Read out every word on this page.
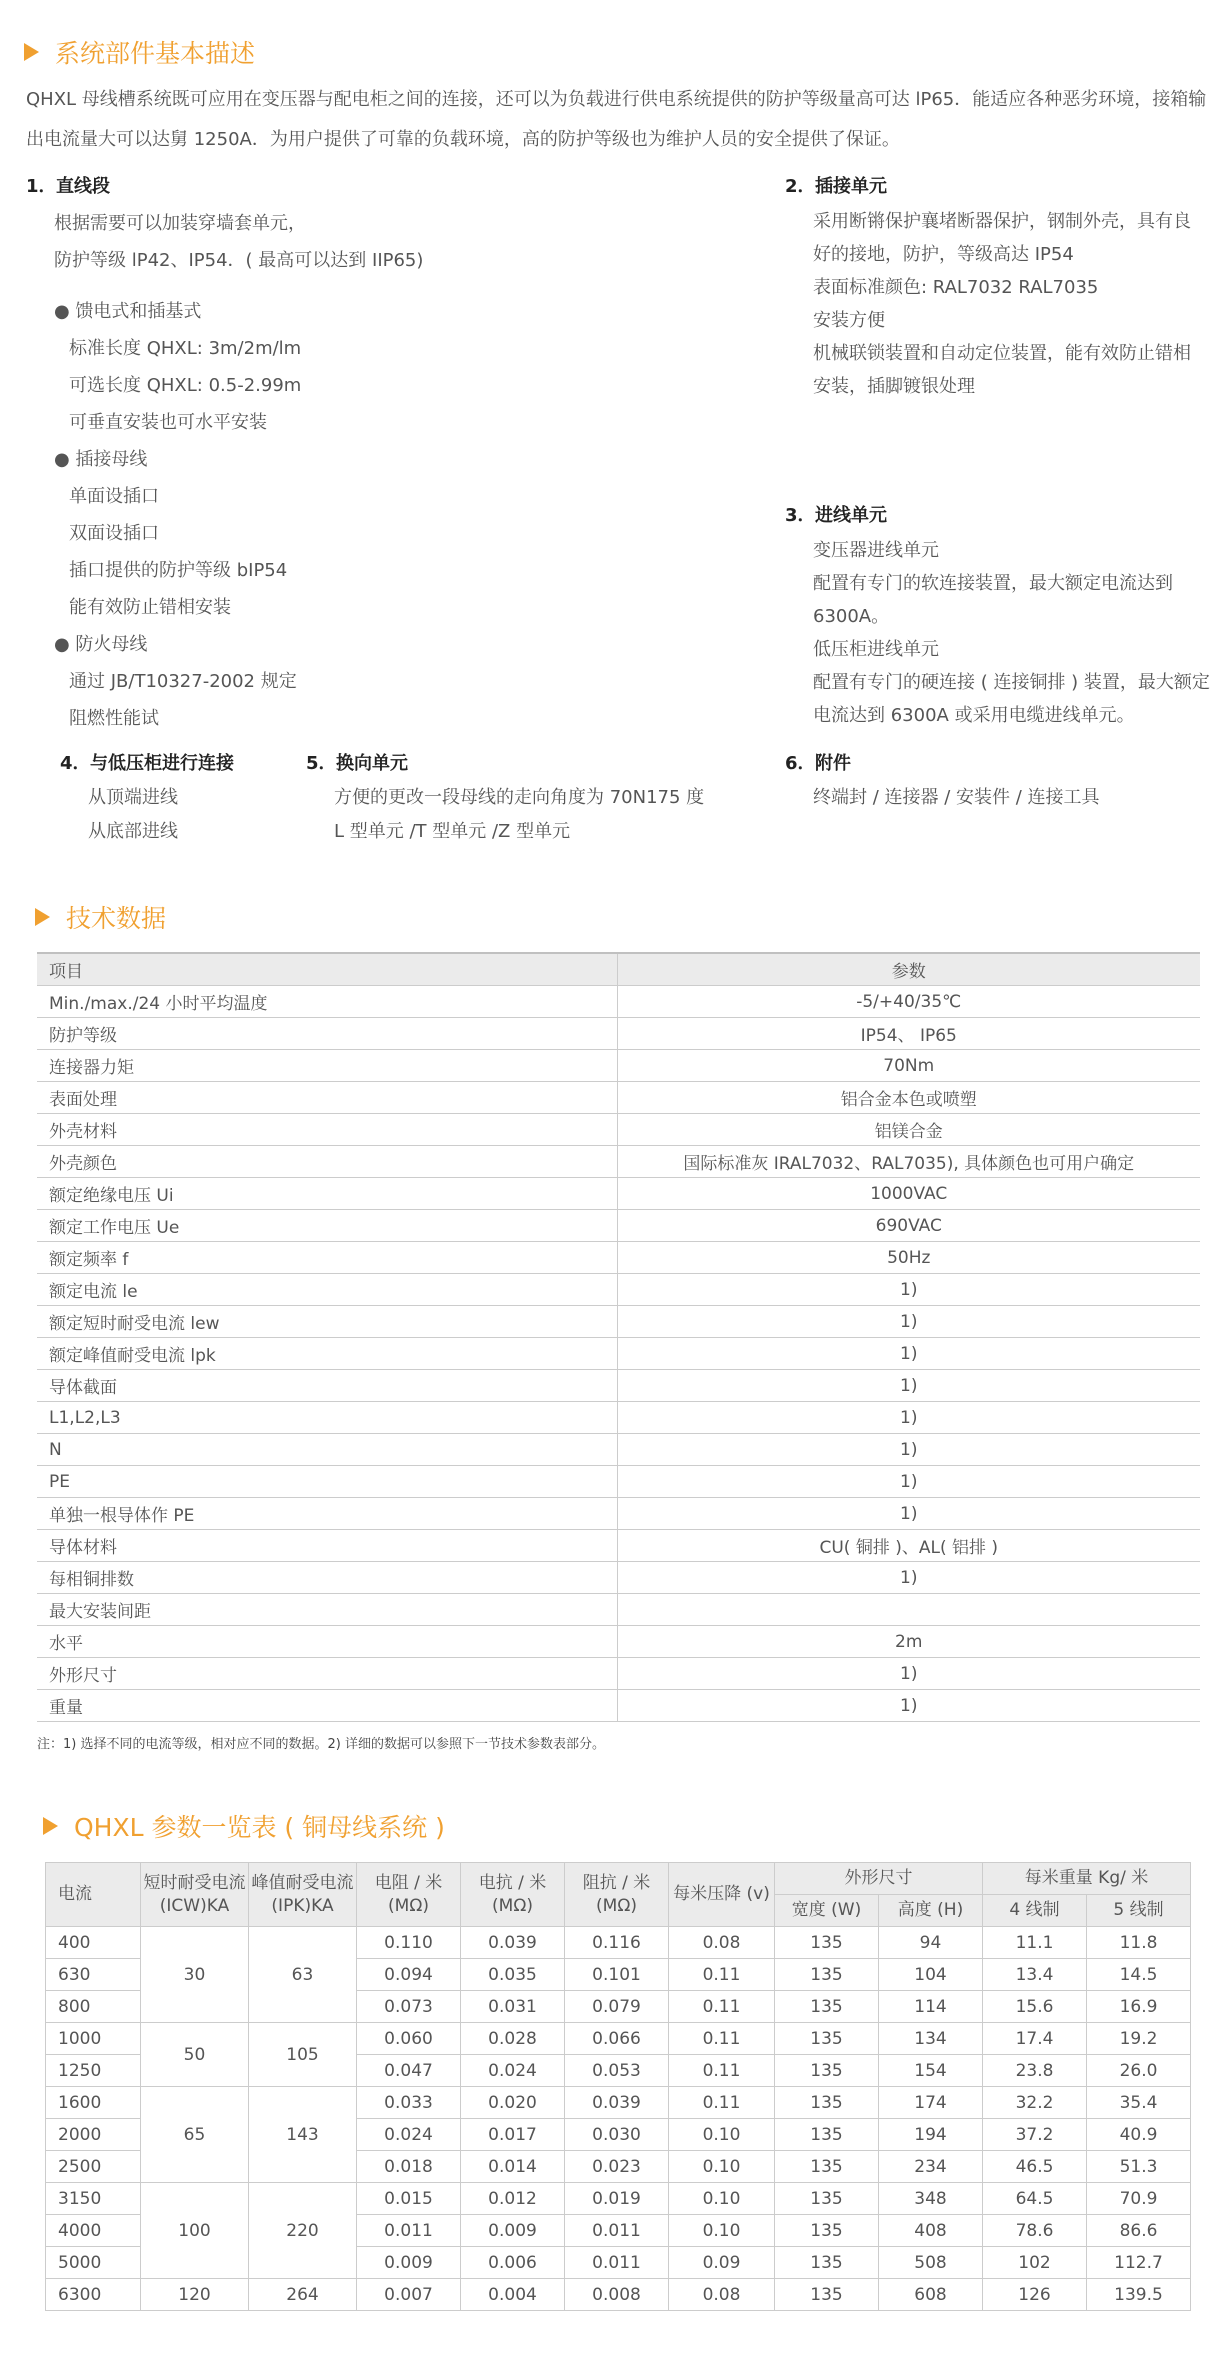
系统部件基本描述
QHXL 母线槽系统既可应用在变压器与配电柜之间的连接，还可以为负载进行供电系统提供的防护等级量高可达 lP65．能适应各种恶劣环境，接箱输出电流量大可以达舅 1250A．为用户提供了可靠的负载环境，高的防护等级也为维护人员的安全提供了保证。
1．直线段
根据需要可以加装穿墙套单元，
防护等级 lP42、IP54．( 最高可以达到 IIP65)
● 馈电式和插基式
标准长度 QHXL: 3m/2m/lm
可选长度 QHXL: 0.5-2.99m
可垂直安装也可水平安装
● 插接母线
单面设插口
双面设插口
插口提供的防护等级 bIP54
能有效防止错相安装
● 防火母线
通过 JB/T10327-2002 规定
阻燃性能试
2．插接单元
采用断锵保护襄堵断器保护，钢制外壳，具有良
好的接地，防护，等级高达 IP54
表面标准颜色: RAL7032 RAL7035
安装方便
机械联锁装置和自动定位装置，能有效防止错相
安装，插脚镀银处理
3．进线单元
变压器进线单元
配置有专门的软连接装置，最大额定电流达到
6300A。
低压柜进线单元
配置有专门的硬连接 ( 连接铜排 ) 装置，最大额定
电流达到 6300A 或采用电缆进线单元。
4．与低压柜进行连接
从顶端进线
从底部进线
5．换向单元
方便的更改一段母线的走向角度为 70N175 度
L 型单元 /T 型单元 /Z 型单元
6．附件
终端封 / 连接器 / 安装件 / 连接工具
技术数据
项目	参数
Min./max./24 小时平均温度	-5/+40/35℃
防护等级	IP54、 IP65
连接器力矩	70Nm
表面处理	铝合金本色或喷塑
外壳材料	铝镁合金
外壳颜色	国际标准灰 IRAL7032、RAL7035), 具体颜色也可用户确定
额定绝缘电压 Ui	1000VAC
额定工作电压 Ue	690VAC
额定频率 f	50Hz
额定电流 le	1)
额定短时耐受电流 lew	1)
额定峰值耐受电流 lpk	1)
导体截面	1)
L1,L2,L3	1)
N	1)
PE	1)
单独一根导体作 PE	1)
导体材料	CU( 铜排 )、AL( 铝排 )
每相铜排数	1)
最大安装间距	
水平	2m
外形尺寸	1)
重量	1)
注：1) 选择不同的电流等级，相对应不同的数据。2) 详细的数据可以参照下一节技术参数表部分。
QHXL 参数一览表 ( 铜母线系统 )
电流	短时耐受电流 (ICW)KA	峰值耐受电流 (IPK)KA	电阻 / 米 (MΩ)	电抗 / 米 (MΩ)	阻抗 / 米 (MΩ)	每米压降 (v)	外形尺寸		每米重量 Kg/ 米	
							宽度 (W)	高度 (H)	4 线制	5 线制
400	30	63	0.110	0.039	0.116	0.08	135	94	11.1	11.8
630			0.094	0.035	0.101	0.11	135	104	13.4	14.5
800			0.073	0.031	0.079	0.11	135	114	15.6	16.9
1000	50	105	0.060	0.028	0.066	0.11	135	134	17.4	19.2
1250			0.047	0.024	0.053	0.11	135	154	23.8	26.0
1600	65	143	0.033	0.020	0.039	0.11	135	174	32.2	35.4
2000			0.024	0.017	0.030	0.10	135	194	37.2	40.9
2500			0.018	0.014	0.023	0.10	135	234	46.5	51.3
3150	100	220	0.015	0.012	0.019	0.10	135	348	64.5	70.9
4000			0.011	0.009	0.011	0.10	135	408	78.6	86.6
5000			0.009	0.006	0.011	0.09	135	508	102	112.7
6300	120	264	0.007	0.004	0.008	0.08	135	608	126	139.5
